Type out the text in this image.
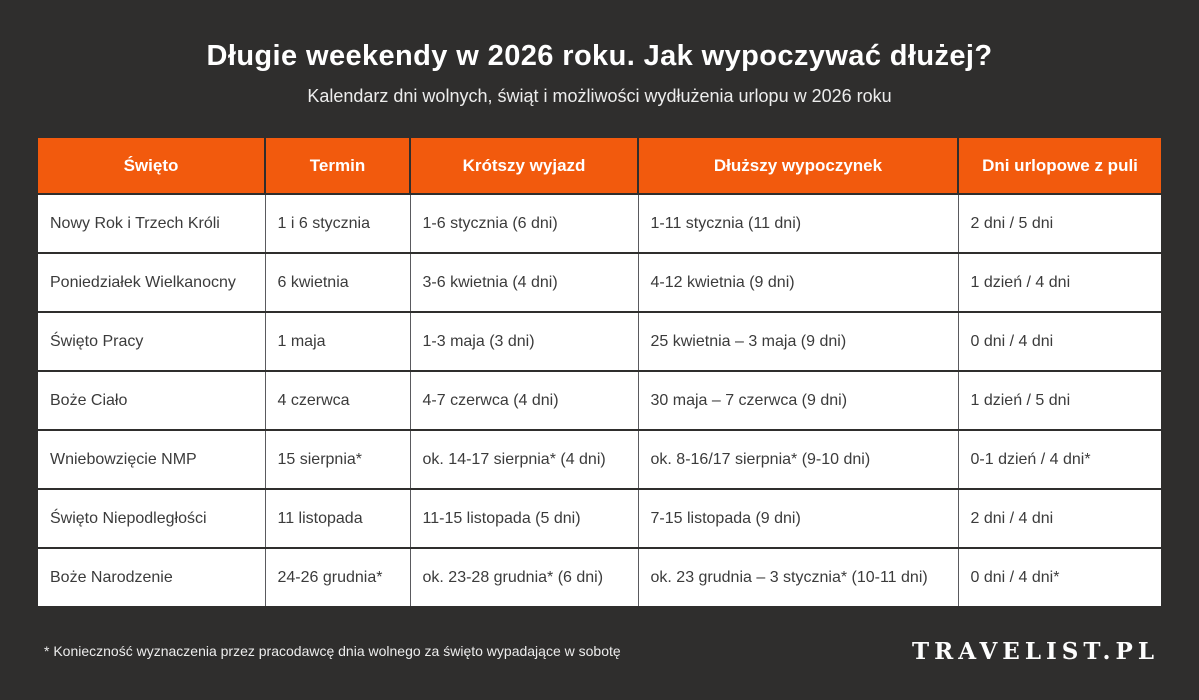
Długie weekendy w 2026 roku. Jak wypoczywać dłużej?
Kalendarz dni wolnych, świąt i możliwości wydłużenia urlopu w 2026 roku
Święto	Termin	Krótszy wyjazd	Dłuższy wypoczynek	Dni urlopowe z puli
Nowy Rok i Trzech Króli	1 i 6 stycznia	1-6 stycznia (6 dni)	1-11 stycznia (11 dni)	2 dni / 5 dni
Poniedziałek Wielkanocny	6 kwietnia	3-6 kwietnia (4 dni)	4-12 kwietnia (9 dni)	1 dzień / 4 dni
Święto Pracy	1 maja	1-3 maja (3 dni)	25 kwietnia – 3 maja (9 dni)	0 dni / 4 dni
Boże Ciało	4 czerwca	4-7 czerwca (4 dni)	30 maja – 7 czerwca (9 dni)	1 dzień / 5 dni
Wniebowzięcie NMP	15 sierpnia*	ok. 14-17 sierpnia* (4 dni)	ok. 8-16/17 sierpnia* (9-10 dni)	0-1 dzień / 4 dni*
Święto Niepodległości	11 listopada	11-15 listopada (5 dni)	7-15 listopada (9 dni)	2 dni / 4 dni
Boże Narodzenie	24-26 grudnia*	ok. 23-28 grudnia* (6 dni)	ok. 23 grudnia – 3 stycznia* (10-11 dni)	0 dni / 4 dni*
* Konieczność wyznaczenia przez pracodawcę dnia wolnego za święto wypadające w sobotę	TRAVELIST.PL
